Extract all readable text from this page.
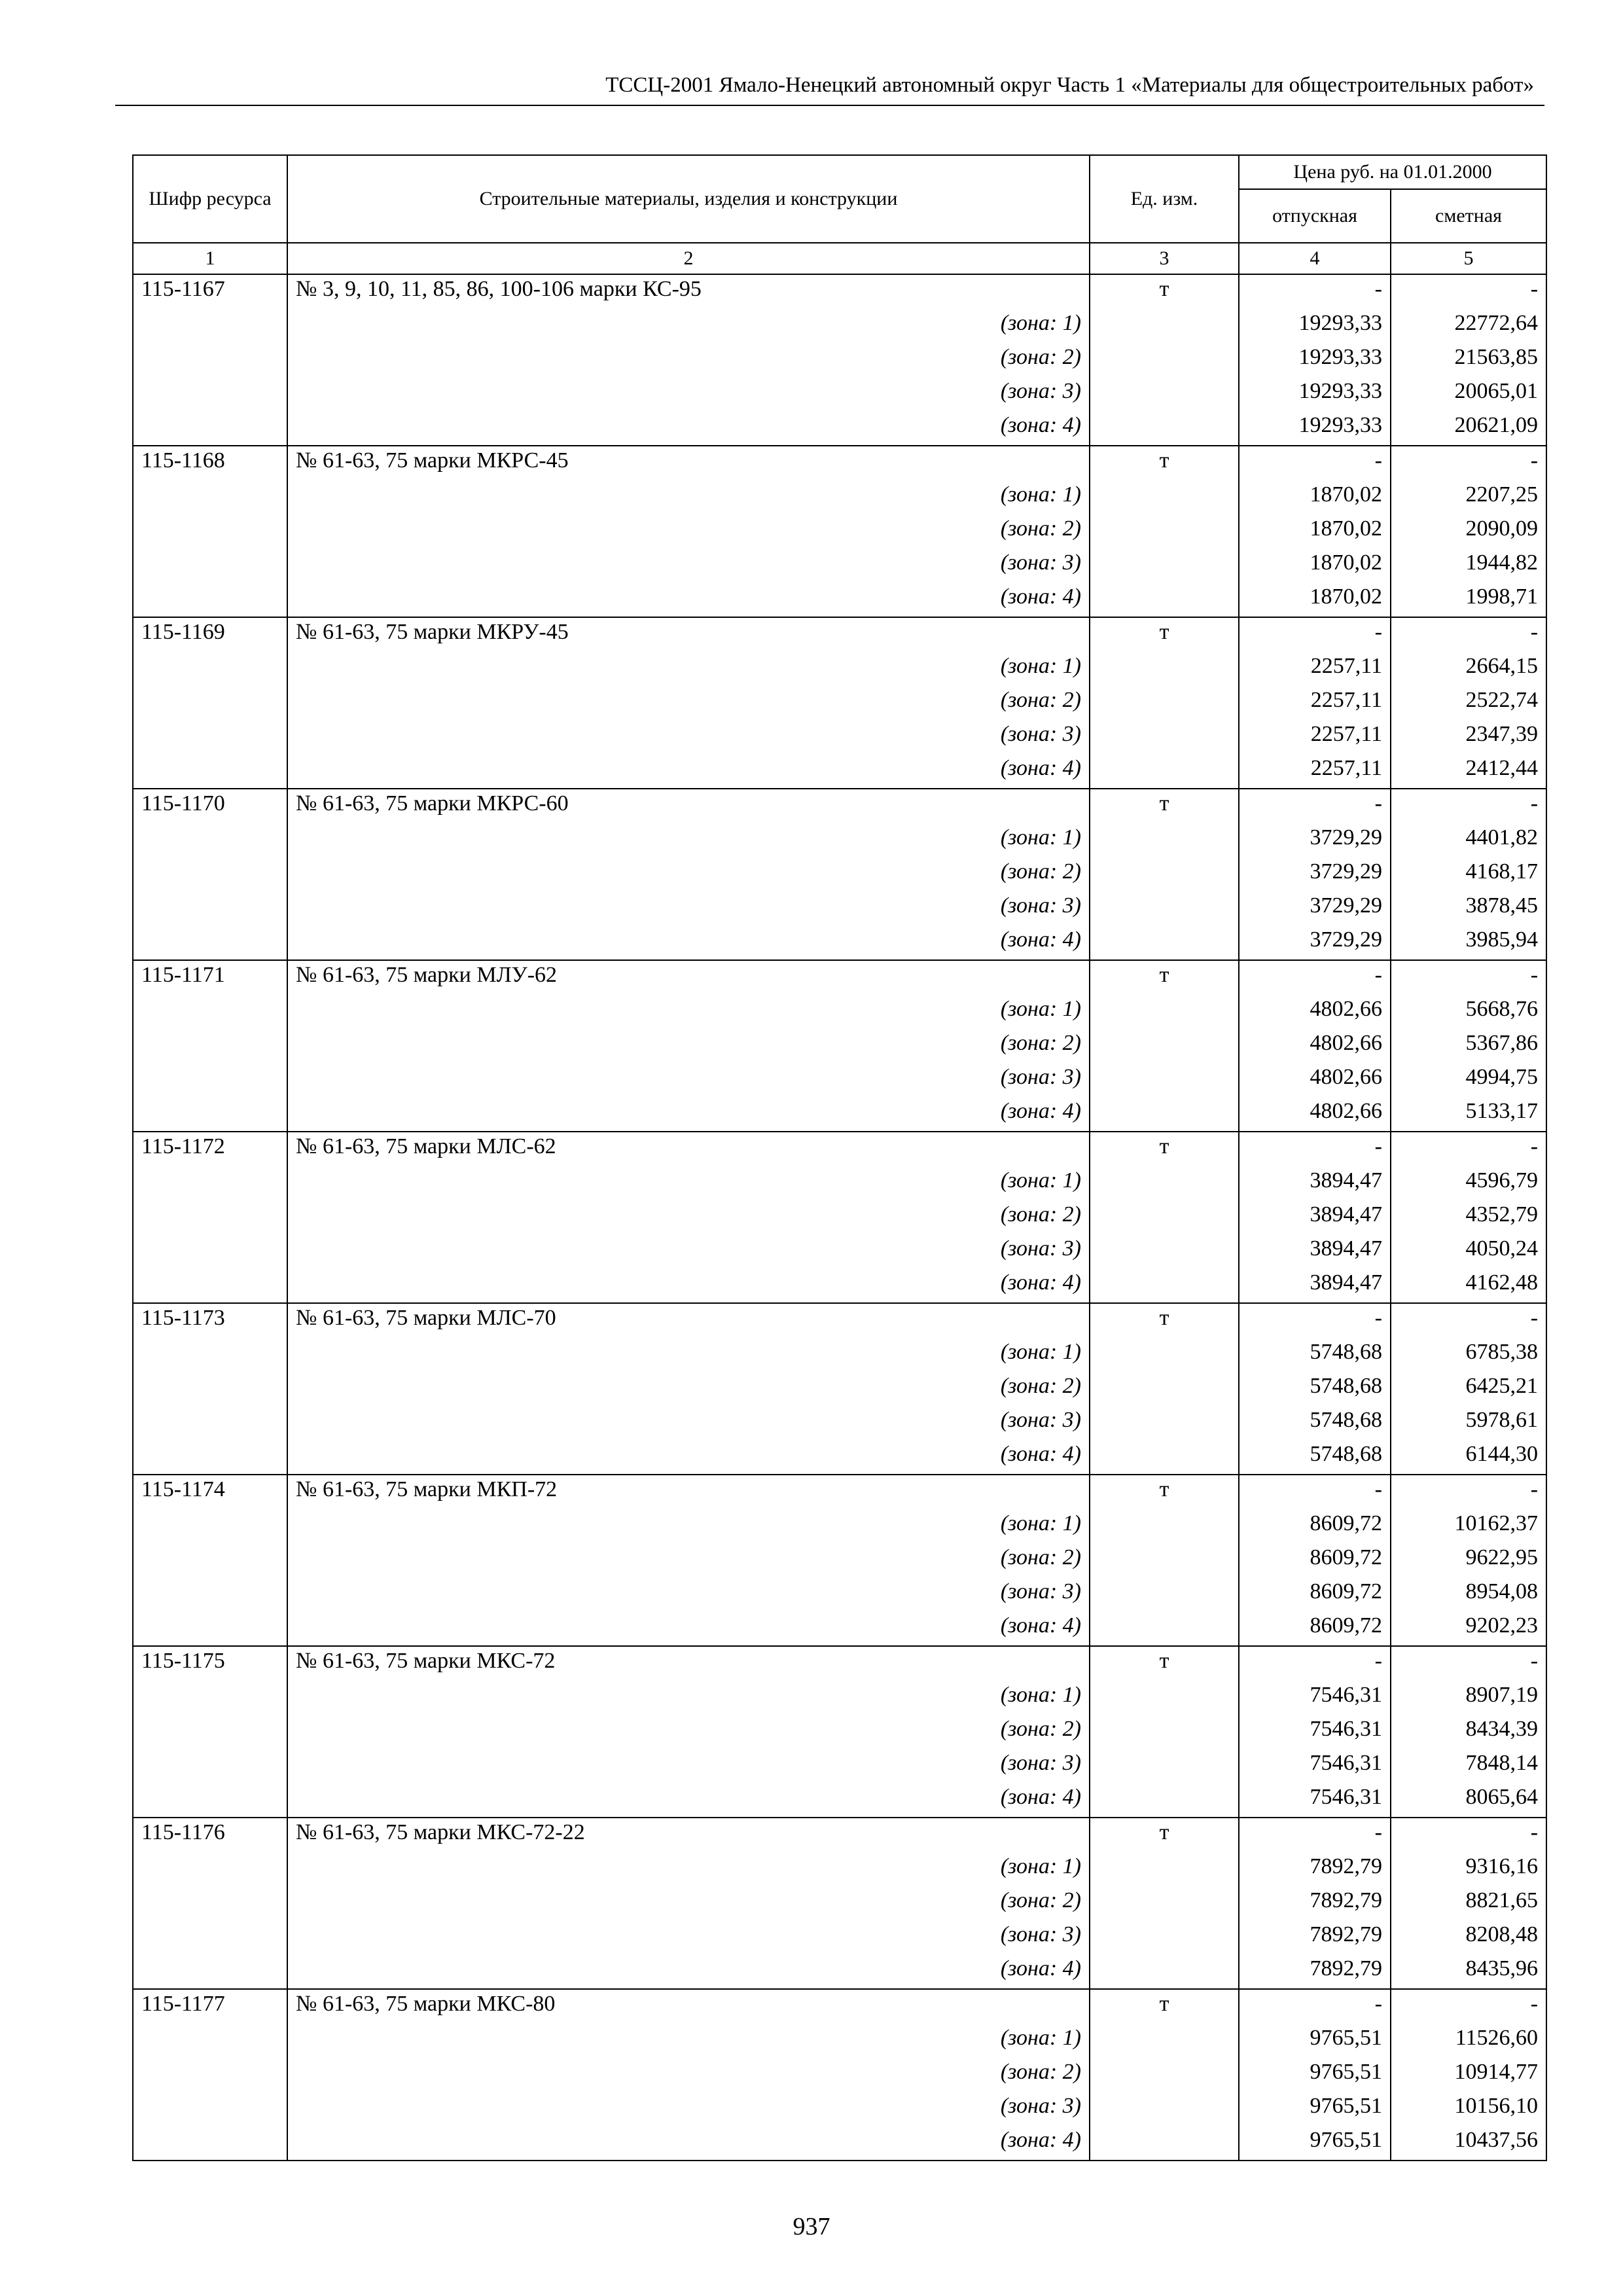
ТССЦ-2001 Ямало-Ненецкий автономный округ Часть 1 «Материалы для общестроительных работ»
Шифр ресурса	Строительные материалы, изделия и конструкции	Ед. изм.	Цена руб. на 01.01.2000	
			отпускная	сметная
1	2	3	4	5
115-1167	№ 3, 9, 10, 11, 85, 86, 100-106 марки КС-95	т	-	-
	(зона: 1)		19293,33	22772,64
	(зона: 2)		19293,33	21563,85
	(зона: 3)		19293,33	20065,01
	(зона: 4)		19293,33	20621,09
115-1168	№ 61-63, 75 марки МКРС-45	т	-	-
	(зона: 1)		1870,02	2207,25
	(зона: 2)		1870,02	2090,09
	(зона: 3)		1870,02	1944,82
	(зона: 4)		1870,02	1998,71
115-1169	№ 61-63, 75 марки МКРУ-45	т	-	-
	(зона: 1)		2257,11	2664,15
	(зона: 2)		2257,11	2522,74
	(зона: 3)		2257,11	2347,39
	(зона: 4)		2257,11	2412,44
115-1170	№ 61-63, 75 марки МКРС-60	т	-	-
	(зона: 1)		3729,29	4401,82
	(зона: 2)		3729,29	4168,17
	(зона: 3)		3729,29	3878,45
	(зона: 4)		3729,29	3985,94
115-1171	№ 61-63, 75 марки МЛУ-62	т	-	-
	(зона: 1)		4802,66	5668,76
	(зона: 2)		4802,66	5367,86
	(зона: 3)		4802,66	4994,75
	(зона: 4)		4802,66	5133,17
115-1172	№ 61-63, 75 марки МЛС-62	т	-	-
	(зона: 1)		3894,47	4596,79
	(зона: 2)		3894,47	4352,79
	(зона: 3)		3894,47	4050,24
	(зона: 4)		3894,47	4162,48
115-1173	№ 61-63, 75 марки МЛС-70	т	-	-
	(зона: 1)		5748,68	6785,38
	(зона: 2)		5748,68	6425,21
	(зона: 3)		5748,68	5978,61
	(зона: 4)		5748,68	6144,30
115-1174	№ 61-63, 75 марки МКП-72	т	-	-
	(зона: 1)		8609,72	10162,37
	(зона: 2)		8609,72	9622,95
	(зона: 3)		8609,72	8954,08
	(зона: 4)		8609,72	9202,23
115-1175	№ 61-63, 75 марки МКС-72	т	-	-
	(зона: 1)		7546,31	8907,19
	(зона: 2)		7546,31	8434,39
	(зона: 3)		7546,31	7848,14
	(зона: 4)		7546,31	8065,64
115-1176	№ 61-63, 75 марки МКС-72-22	т	-	-
	(зона: 1)		7892,79	9316,16
	(зона: 2)		7892,79	8821,65
	(зона: 3)		7892,79	8208,48
	(зона: 4)		7892,79	8435,96
115-1177	№ 61-63, 75 марки МКС-80	т	-	-
	(зона: 1)		9765,51	11526,60
	(зона: 2)		9765,51	10914,77
	(зона: 3)		9765,51	10156,10
	(зона: 4)		9765,51	10437,56
937
